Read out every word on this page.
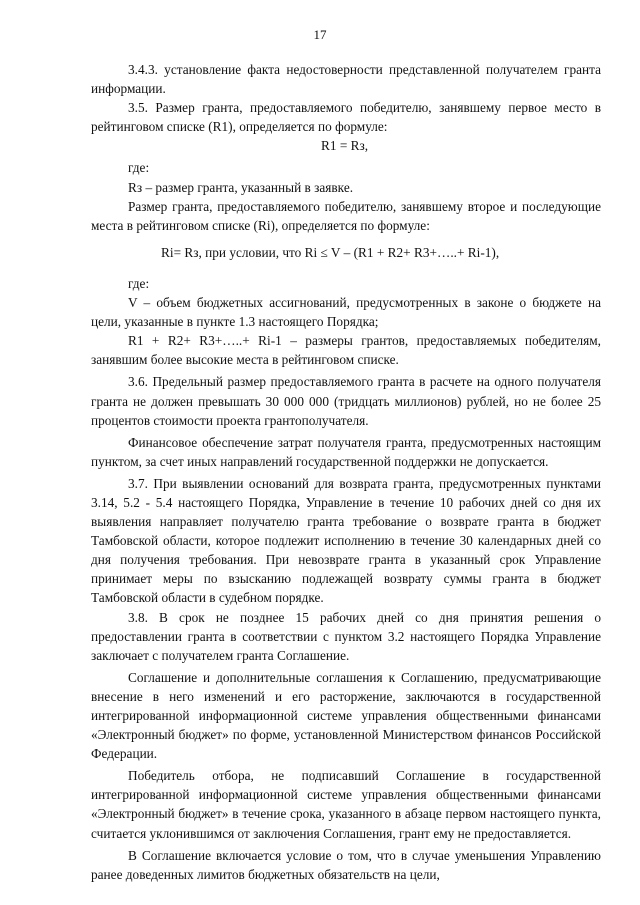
17

3.4.3. установление факта недостоверности представленной получателем гранта информации.

3.5. Размер гранта, предоставляемого победителю, занявшему первое место в рейтинговом списке (R1), определяется по формуле:

R1 = Rз,

где:

Rз – размер гранта, указанный в заявке.

Размер гранта, предоставляемого победителю, занявшему второе и последующие места в рейтинговом списке (Ri), определяется по формуле:

Ri= Rз, при условии, что Ri ≤ V – (R1 + R2+ R3+…..+ Ri-1),

где:

V – объем бюджетных ассигнований, предусмотренных в законе о бюджете на цели, указанные в пункте 1.3 настоящего Порядка;

R1 + R2+ R3+…..+ Ri-1 – размеры грантов, предоставляемых победителям, занявшим более высокие места в рейтинговом списке.

3.6. Предельный размер предоставляемого гранта в расчете на одного получателя гранта не должен превышать 30 000 000 (тридцать миллионов) рублей, но не более 25 процентов стоимости проекта грантополучателя.

Финансовое обеспечение затрат получателя гранта, предусмотренных настоящим пунктом, за счет иных направлений государственной поддержки не допускается.

3.7. При выявлении оснований для возврата гранта, предусмотренных пунктами 3.14, 5.2 - 5.4 настоящего Порядка, Управление в течение 10 рабочих дней со дня их выявления направляет получателю гранта требование о возврате гранта в бюджет Тамбовской области, которое подлежит исполнению в течение 30 календарных дней со дня получения требования. При невозврате гранта в указанный срок Управление принимает меры по взысканию подлежащей возврату суммы гранта в бюджет Тамбовской области в судебном порядке.

3.8. В срок не позднее 15 рабочих дней со дня принятия решения о предоставлении гранта в соответствии с пунктом 3.2 настоящего Порядка Управление заключает с получателем гранта Соглашение.

Соглашение и дополнительные соглашения к Соглашению, предусматривающие внесение в него изменений и его расторжение, заключаются в государственной интегрированной информационной системе управления общественными финансами «Электронный бюджет» по форме, установленной Министерством финансов Российской Федерации.

Победитель отбора, не подписавший Соглашение в государственной интегрированной информационной системе управления общественными финансами «Электронный бюджет» в течение срока, указанного в абзаце первом настоящего пункта, считается уклонившимся от заключения Соглашения, грант ему не предоставляется.

В Соглашение включается условие о том, что в случае уменьшения Управлению ранее доведенных лимитов бюджетных обязательств на цели,
